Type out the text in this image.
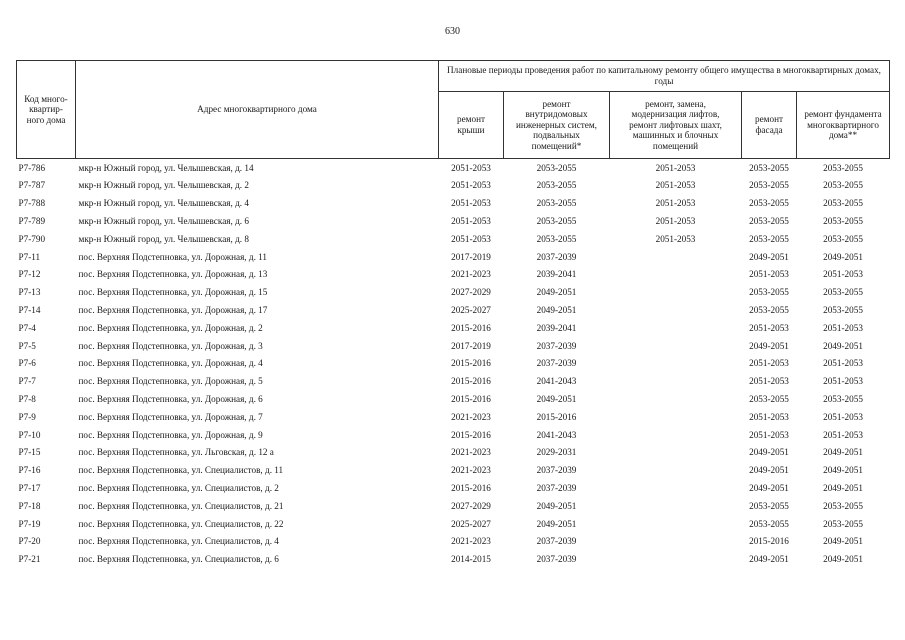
630
Код много-
квартир-
ного дома	Адрес многоквартирного дома	Плановые периоды проведения работ по капитальному ремонту общего имущества в многоквартирных домах, годы				
		ремонт
крыши	ремонт
внутридомовых
инженерных систем,
подвальных
помещений*	ремонт, замена,
модернизация лифтов,
ремонт лифтовых шахт,
машинных и блочных
помещений	ремонт
фасада	ремонт фундамента
многоквартирного
дома**
Р7-786	мкр-н Южный город, ул. Челышевская, д. 14	2051-2053	2053-2055	2051-2053	2053-2055	2053-2055
Р7-787	мкр-н Южный город, ул. Челышевская, д. 2	2051-2053	2053-2055	2051-2053	2053-2055	2053-2055
Р7-788	мкр-н Южный город, ул. Челышевская, д. 4	2051-2053	2053-2055	2051-2053	2053-2055	2053-2055
Р7-789	мкр-н Южный город, ул. Челышевская, д. 6	2051-2053	2053-2055	2051-2053	2053-2055	2053-2055
Р7-790	мкр-н Южный город, ул. Челышевская, д. 8	2051-2053	2053-2055	2051-2053	2053-2055	2053-2055
Р7-11	пос. Верхняя Подстепновка, ул. Дорожная, д. 11	2017-2019	2037-2039		2049-2051	2049-2051
Р7-12	пос. Верхняя Подстепновка, ул. Дорожная, д. 13	2021-2023	2039-2041		2051-2053	2051-2053
Р7-13	пос. Верхняя Подстепновка, ул. Дорожная, д. 15	2027-2029	2049-2051		2053-2055	2053-2055
Р7-14	пос. Верхняя Подстепновка, ул. Дорожная, д. 17	2025-2027	2049-2051		2053-2055	2053-2055
Р7-4	пос. Верхняя Подстепновка, ул. Дорожная, д. 2	2015-2016	2039-2041		2051-2053	2051-2053
Р7-5	пос. Верхняя Подстепновка, ул. Дорожная, д. 3	2017-2019	2037-2039		2049-2051	2049-2051
Р7-6	пос. Верхняя Подстепновка, ул. Дорожная, д. 4	2015-2016	2037-2039		2051-2053	2051-2053
Р7-7	пос. Верхняя Подстепновка, ул. Дорожная, д. 5	2015-2016	2041-2043		2051-2053	2051-2053
Р7-8	пос. Верхняя Подстепновка, ул. Дорожная, д. 6	2015-2016	2049-2051		2053-2055	2053-2055
Р7-9	пос. Верхняя Подстепновка, ул. Дорожная, д. 7	2021-2023	2015-2016		2051-2053	2051-2053
Р7-10	пос. Верхняя Подстепновка, ул. Дорожная, д. 9	2015-2016	2041-2043		2051-2053	2051-2053
Р7-15	пос. Верхняя Подстепновка, ул. Льговская, д. 12 а	2021-2023	2029-2031		2049-2051	2049-2051
Р7-16	пос. Верхняя Подстепновка, ул. Специалистов, д. 11	2021-2023	2037-2039		2049-2051	2049-2051
Р7-17	пос. Верхняя Подстепновка, ул. Специалистов, д. 2	2015-2016	2037-2039		2049-2051	2049-2051
Р7-18	пос. Верхняя Подстепновка, ул. Специалистов, д. 21	2027-2029	2049-2051		2053-2055	2053-2055
Р7-19	пос. Верхняя Подстепновка, ул. Специалистов, д. 22	2025-2027	2049-2051		2053-2055	2053-2055
Р7-20	пос. Верхняя Подстепновка, ул. Специалистов, д. 4	2021-2023	2037-2039		2015-2016	2049-2051
Р7-21	пос. Верхняя Подстепновка, ул. Специалистов, д. 6	2014-2015	2037-2039		2049-2051	2049-2051
